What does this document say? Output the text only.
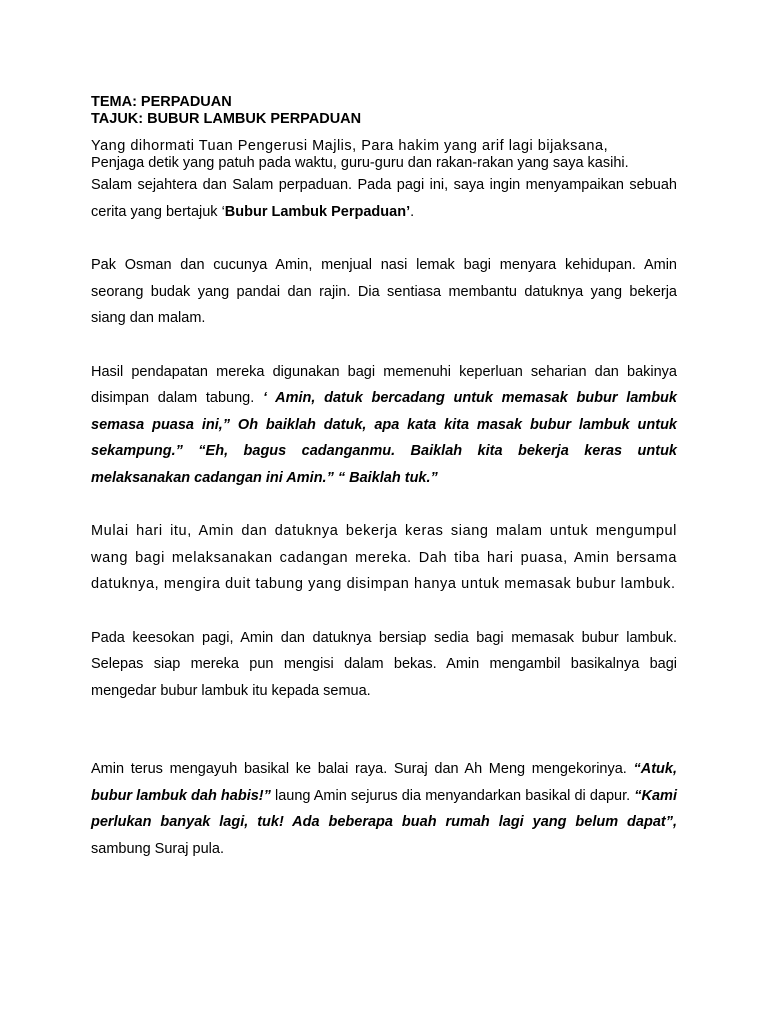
TEMA: PERPADUAN

TAJUK: BUBUR LAMBUK PERPADUAN

Yang dihormati Tuan Pengerusi Majlis, Para hakim yang arif lagi bijaksana,
Penjaga detik yang patuh pada waktu, guru-guru dan rakan-rakan yang saya kasihi.
Salam sejahtera dan Salam perpaduan. Pada pagi ini, saya ingin menyampaikan sebuah cerita yang bertajuk ‘Bubur Lambuk Perpaduan’.

Pak Osman dan cucunya Amin, menjual nasi lemak bagi menyara kehidupan. Amin seorang budak yang pandai dan rajin. Dia sentiasa membantu datuknya yang bekerja siang dan malam.

Hasil pendapatan mereka digunakan bagi memenuhi keperluan seharian dan bakinya disimpan dalam tabung. ‘ Amin, datuk bercadang untuk memasak bubur lambuk semasa puasa ini,” Oh baiklah datuk, apa kata kita masak bubur lambuk untuk sekampung.” “Eh, bagus cadanganmu. Baiklah kita bekerja keras untuk melaksanakan cadangan ini Amin.” “ Baiklah tuk.”

Mulai hari itu, Amin dan datuknya bekerja keras siang malam untuk mengumpul wang bagi melaksanakan cadangan mereka. Dah tiba hari puasa, Amin bersama datuknya, mengira duit tabung yang disimpan hanya untuk memasak bubur lambuk.

Pada keesokan pagi, Amin dan datuknya bersiap sedia bagi memasak bubur lambuk. Selepas siap mereka pun mengisi dalam bekas. Amin mengambil basikalnya bagi mengedar bubur lambuk itu kepada semua.

Amin terus mengayuh basikal ke balai raya. Suraj dan Ah Meng mengekorinya. “Atuk, bubur lambuk dah habis!” laung Amin sejurus dia menyandarkan basikal di dapur. “Kami perlukan banyak lagi, tuk! Ada beberapa buah rumah lagi yang belum dapat”, sambung Suraj pula.
